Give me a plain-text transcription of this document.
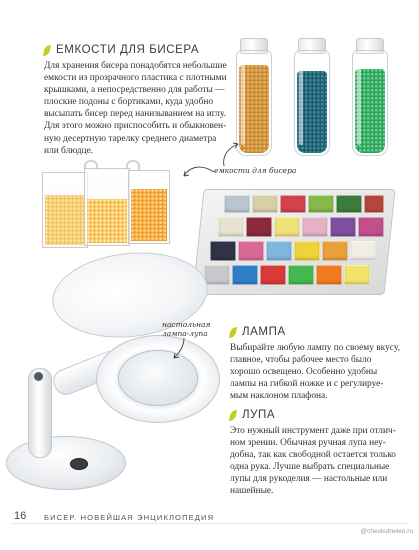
ЕМКОСТИ ДЛЯ БИСЕРА

Для хранения бисера понадобятся небольшие

емкости из прозрачного пластика с плотными

крышками, а непосредственно для работы —

плоские подоны с бортиками, куда удобно

высыпать бисер перед нанизыванием на иглу.

Для этого можно приспособить и обыкновен-

ную десертную тарелку среднего диаметра

или блюдце.

емкости для бисера
настольная
лампа-лупа	ЛАМПА

Выбирайте любую лампу по своему вкусу,

главное, чтобы рабочее место было

хорошо освещено. Особенно удобны

лампы на гибкой ножке и с регулируе-

мым наклоном плафона.

ЛУПА

Это нужный инструмент даже при отлич-

ном зрении. Обычная ручная лупа неу-

добна, так как свободной остается только

одна рука. Лучше выбрать специальные

лупы для рукоделия — настольные или

нашейные.

16 БИСЕР. НОВЕЙШАЯ ЭНЦИКЛОПЕДИЯ
@cheskutneleo.ru
